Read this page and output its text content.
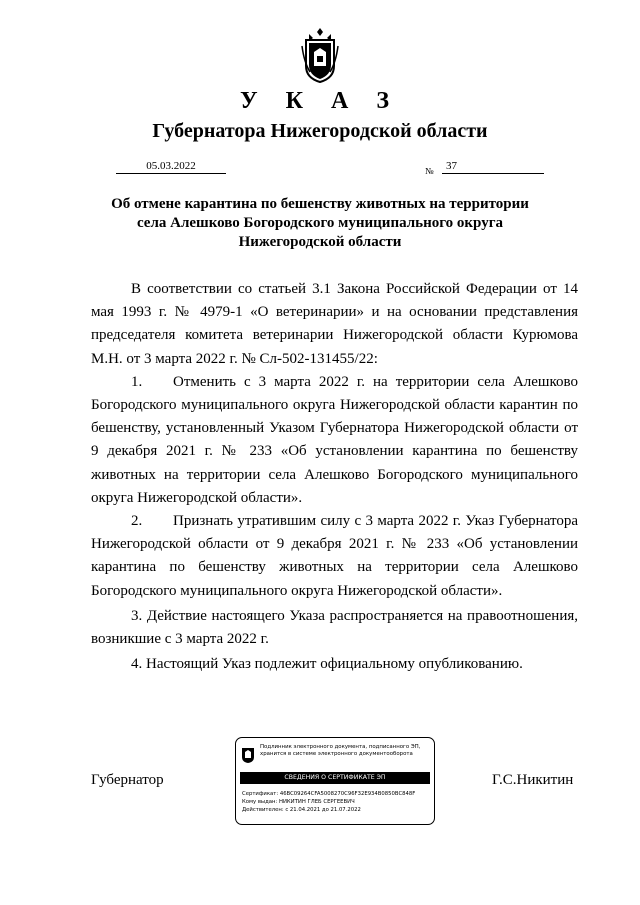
У К А З
Губернатора Нижегородской области
05.03.2022	№	37
Об отмене карантина по бешенству животных на территории села Алешково Богородского муниципального округа Нижегородской области

В соответствии со статьей 3.1 Закона Российской Федерации от 14 мая 1993 г. № 4979-1 «О ветеринарии» и на основании представления председателя комитета ветеринарии Нижегородской области Курюмова М.Н. от 3 марта 2022 г. № Сл-502-131455/22:

1. Отменить с 3 марта 2022 г. на территории села Алешково Богородского муниципального округа Нижегородской области карантин по бешенству, установленный Указом Губернатора Нижегородской области от 9 декабря 2021 г. № 233 «Об установлении карантина по бешенству животных на территории села Алешково Богородского муниципального округа Нижегородской области».

2. Признать утратившим силу с 3 марта 2022 г. Указ Губернатора Нижегородской области от 9 декабря 2021 г. № 233 «Об установлении карантина по бешенству животных на территории села Алешково Богородского муниципального округа Нижегородской области».

3. Действие настоящего Указа распространяется на правоотношения, возникшие с 3 марта 2022 г.

4. Настоящий Указ подлежит официальному опубликованию.

Губернатор
Подлинник электронного документа, подписанного ЭП, хранится в системе электронного документооборота
СВЕДЕНИЯ О СЕРТИФИКАТЕ ЭП
Сертификат: 46BC09264CFA5008270C96F32E934B0850BC848F
Кому выдан: НИКИТИН ГЛЕБ СЕРГЕЕВИЧ
Действителен: с 21.04.2021 до 21.07.2022
Г.С.Никитин
